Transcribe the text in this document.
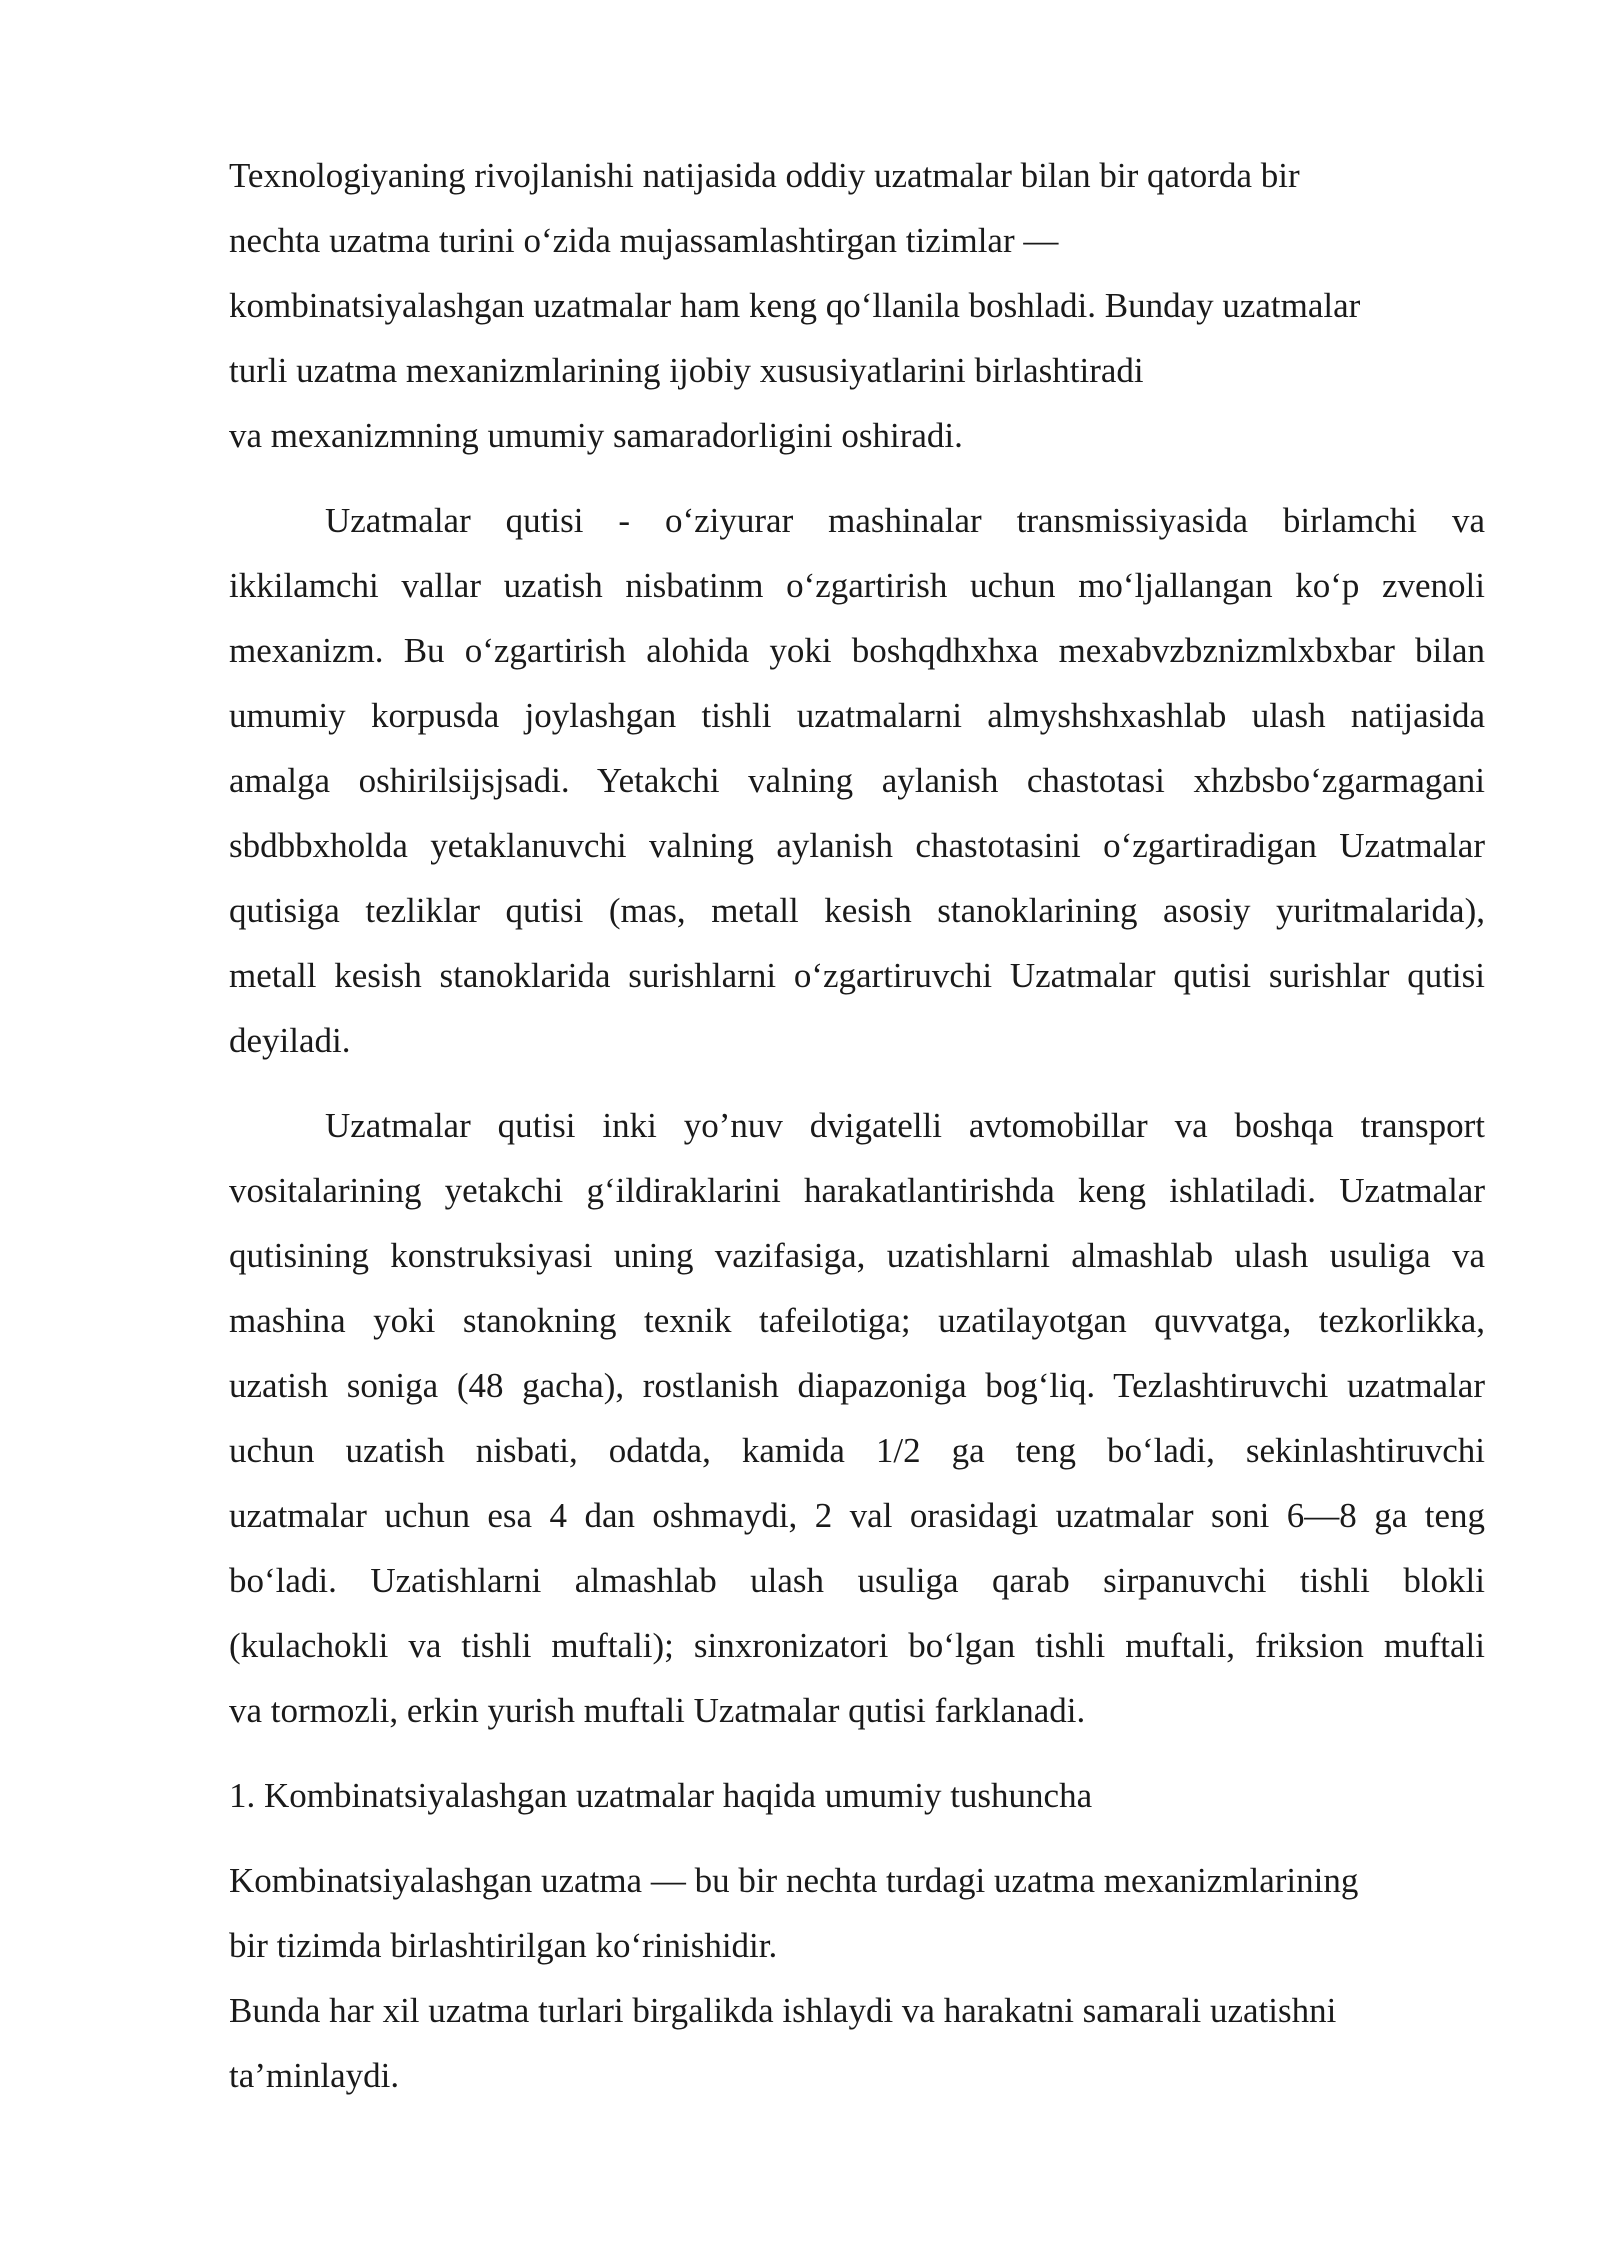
Texnologiyaning rivojlanishi natijasida oddiy uzatmalar bilan bir qatorda bir
nechta uzatma turini o‘zida mujassamlashtirgan tizimlar —
kombinatsiyalashgan uzatmalar ham keng qo‘llanila boshladi. Bunday uzatmalar
turli uzatma mexanizmlarining ijobiy xususiyatlarini birlashtiradi
va mexanizmning umumiy samaradorligini oshiradi.
Uzatmalar qutisi - o‘ziyurar mashinalar transmissiyasida birlamchi va
ikkilamchi vallar uzatish nisbatinm o‘zgartirish uchun mo‘ljallangan ko‘p zvenoli
mexanizm. Bu o‘zgartirish alohida yoki boshqdhxhxa mexabvzbznizmlxbxbar bilan
umumiy korpusda joylashgan tishli uzatmalarni almyshshxashlab ulash natijasida
amalga oshirilsijsjsadi. Yetakchi valning aylanish chastotasi xhzbsbo‘zgarmagani
sbdbbxholda yetaklanuvchi valning aylanish chastotasini o‘zgartiradigan Uzatmalar
qutisiga tezliklar qutisi (mas, metall kesish stanoklarining asosiy yuritmalarida),
metall kesish stanoklarida surishlarni o‘zgartiruvchi Uzatmalar qutisi surishlar qutisi
deyiladi.
Uzatmalar qutisi inki yo’nuv dvigatelli avtomobillar va boshqa transport
vositalarining yetakchi g‘ildiraklarini harakatlantirishda keng ishlatiladi. Uzatmalar
qutisining konstruksiyasi uning vazifasiga, uzatishlarni almashlab ulash usuliga va
mashina yoki stanokning texnik tafeilotiga; uzatilayotgan quvvatga, tezkorlikka,
uzatish soniga (48 gacha), rostlanish diapazoniga bog‘liq. Tezlashtiruvchi uzatmalar
uchun uzatish nisbati, odatda, kamida 1/2 ga teng bo‘ladi, sekinlashtiruvchi
uzatmalar uchun esa 4 dan oshmaydi, 2 val orasidagi uzatmalar soni 6—8 ga teng
bo‘ladi. Uzatishlarni almashlab ulash usuliga qarab sirpanuvchi tishli blokli
(kulachokli va tishli muftali); sinxronizatori bo‘lgan tishli muftali, friksion muftali
va tormozli, erkin yurish muftali Uzatmalar qutisi farklanadi.
1. Kombinatsiyalashgan uzatmalar haqida umumiy tushuncha
Kombinatsiyalashgan uzatma — bu bir nechta turdagi uzatma mexanizmlarining
bir tizimda birlashtirilgan ko‘rinishidir.
Bunda har xil uzatma turlari birgalikda ishlaydi va harakatni samarali uzatishni
ta’minlaydi.
